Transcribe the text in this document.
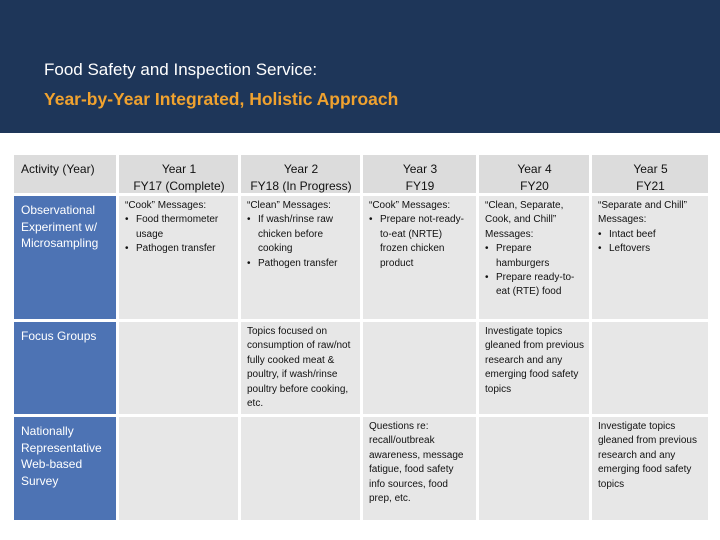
Food Safety and Inspection Service:
Year-by-Year Integrated, Holistic Approach
Activity (Year)	Year 1
FY17 (Complete)
Year 2
FY18 (In Progress)
Year 3
FY19
Year 4
FY20
Year 5
FY21
Observational Experiment w/ Microsampling
“Cook” Messages:
• Food thermometer usage
• Pathogen transfer
“Clean” Messages:
• If wash/rinse raw chicken before cooking
• Pathogen transfer
“Cook” Messages:
• Prepare not-ready-to-eat (NRTE) frozen chicken product
“Clean, Separate, Cook, and Chill” Messages:
• Prepare hamburgers
• Prepare ready-to-eat (RTE) food
“Separate and Chill” Messages:
• Intact beef
• Leftovers
Focus Groups	Topics focused on consumption of raw/not fully cooked meat & poultry, if wash/rinse poultry before cooking, etc.
Investigate topics gleaned from previous research and any emerging food safety topics
Nationally Representative Web-based Survey
Questions re: recall/outbreak awareness, message fatigue, food safety info sources, food prep, etc.
Investigate topics gleaned from previous research and any emerging food safety topics
